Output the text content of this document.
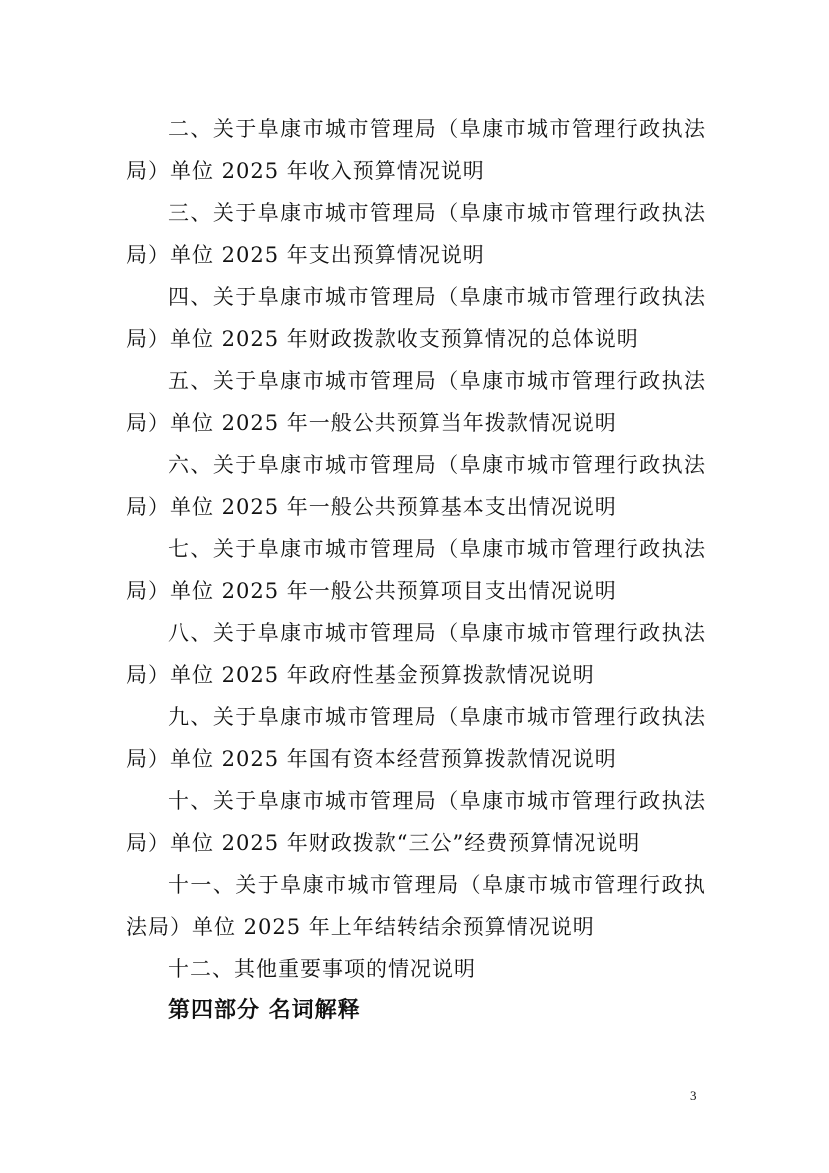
二、关于阜康市城市管理局（阜康市城市管理行政执法局）单位 2025 年收入预算情况说明

三、关于阜康市城市管理局（阜康市城市管理行政执法局）单位 2025 年支出预算情况说明

四、关于阜康市城市管理局（阜康市城市管理行政执法局）单位 2025 年财政拨款收支预算情况的总体说明

五、关于阜康市城市管理局（阜康市城市管理行政执法局）单位 2025 年一般公共预算当年拨款情况说明

六、关于阜康市城市管理局（阜康市城市管理行政执法局）单位 2025 年一般公共预算基本支出情况说明

七、关于阜康市城市管理局（阜康市城市管理行政执法局）单位 2025 年一般公共预算项目支出情况说明

八、关于阜康市城市管理局（阜康市城市管理行政执法局）单位 2025 年政府性基金预算拨款情况说明

九、关于阜康市城市管理局（阜康市城市管理行政执法局）单位 2025 年国有资本经营预算拨款情况说明

十、关于阜康市城市管理局（阜康市城市管理行政执法局）单位 2025 年财政拨款“三公”经费预算情况说明

十一、关于阜康市城市管理局（阜康市城市管理行政执法局）单位 2025 年上年结转结余预算情况说明

十二、其他重要事项的情况说明

第四部分 名词解释

3
